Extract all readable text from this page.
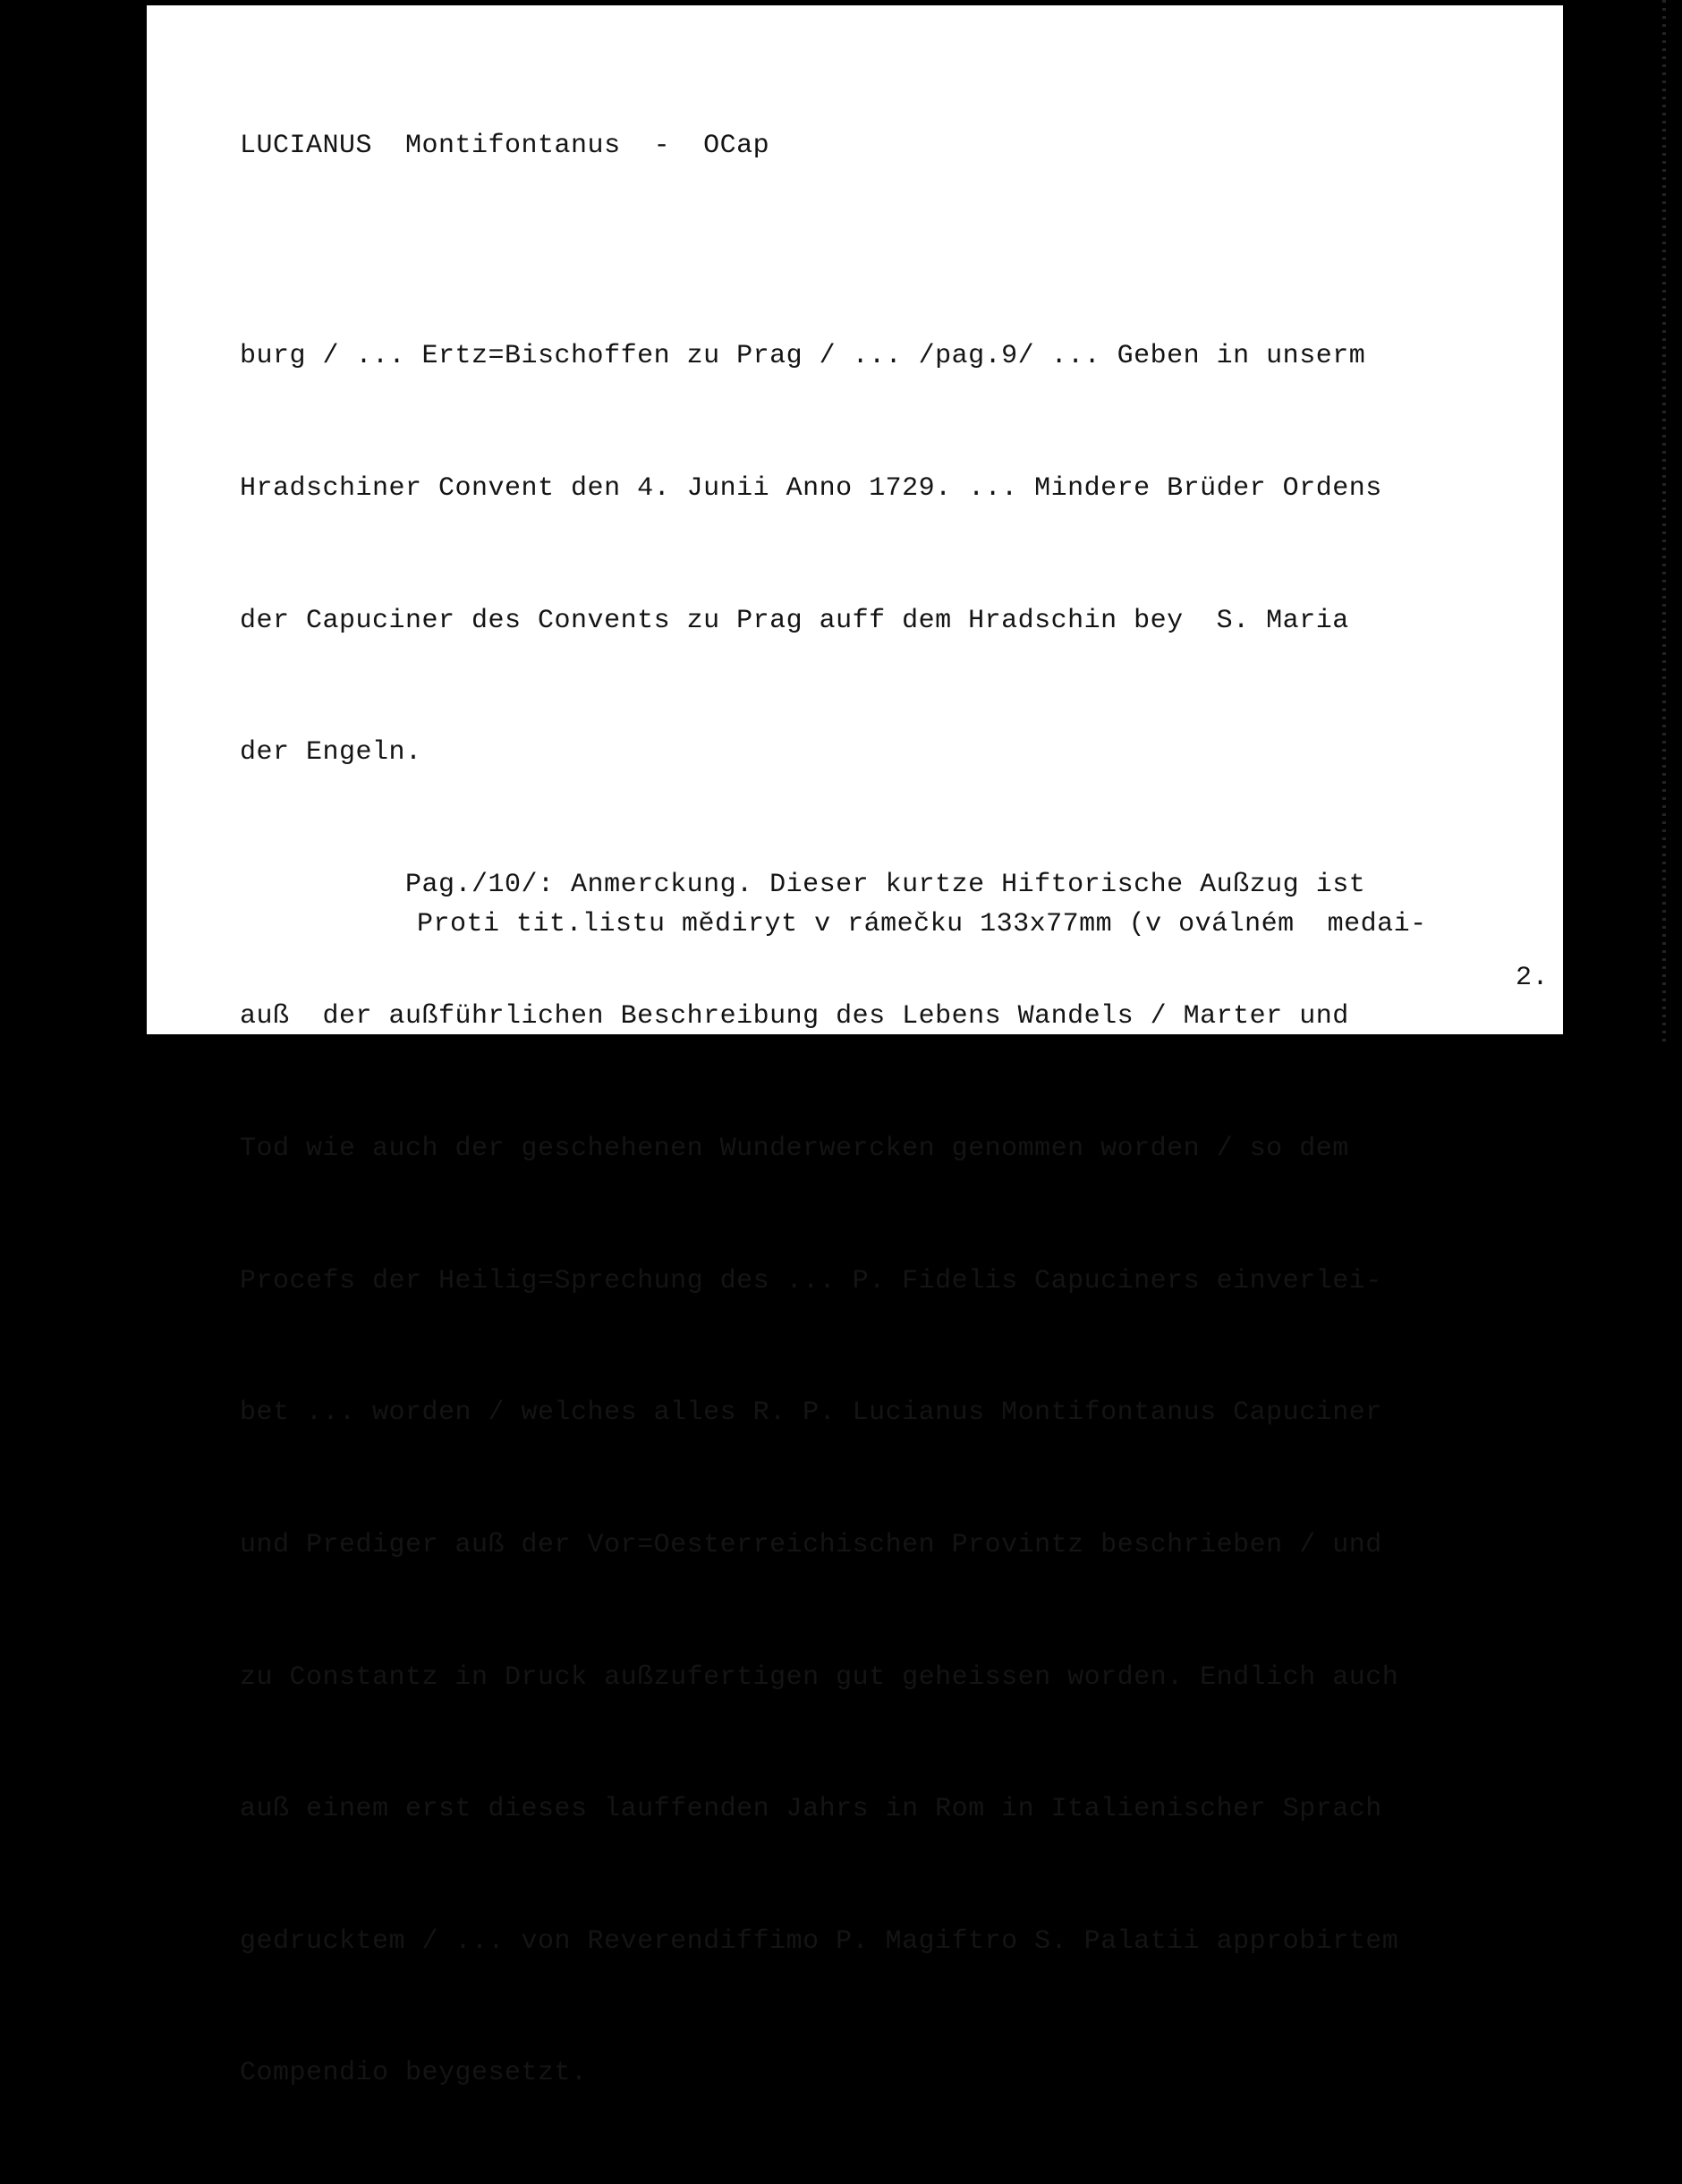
LUCIANUS  Montifontanus  -  OCap

burg / ... Ertz=Bischoffen zu Prag / ... /pag.9/ ... Geben in unserm

Hradschiner Convent den 4. Junii Anno 1729. ... Mindere Brüder Ordens

der Capuciner des Convents zu Prag auff dem Hradschin bey  S. Maria

der Engeln.

Pag./10/: Anmerckung. Dieser kurtze Hiftorische Außzug ist

auß  der außführlichen Beschreibung des Lebens Wandels / Marter und

Tod wie auch der geschehenen Wunderwercken genommen worden / so dem

Procefs der Heilig=Sprechung des ... P. Fidelis Capuciners einverlei-

bet ... worden / welches alles R. P. Lucianus Montifontanus Capuciner

und Prediger auß der Vor=Oesterreichischen Provintz beschrieben / und

zu Constantz in Druck außzufertigen gut geheissen worden. Endlich auch

auß einem erst dieses lauffenden Jahrs in Rom in Italienischer Sprach

gedrucktem / ... von Reverendiffimo P. Magiftro S. Palatii approbirtem

Compendio beygesetzt.

Proti tit.listu mědiryt v rámečku 133x77mm (v oválném  medai-
2.
